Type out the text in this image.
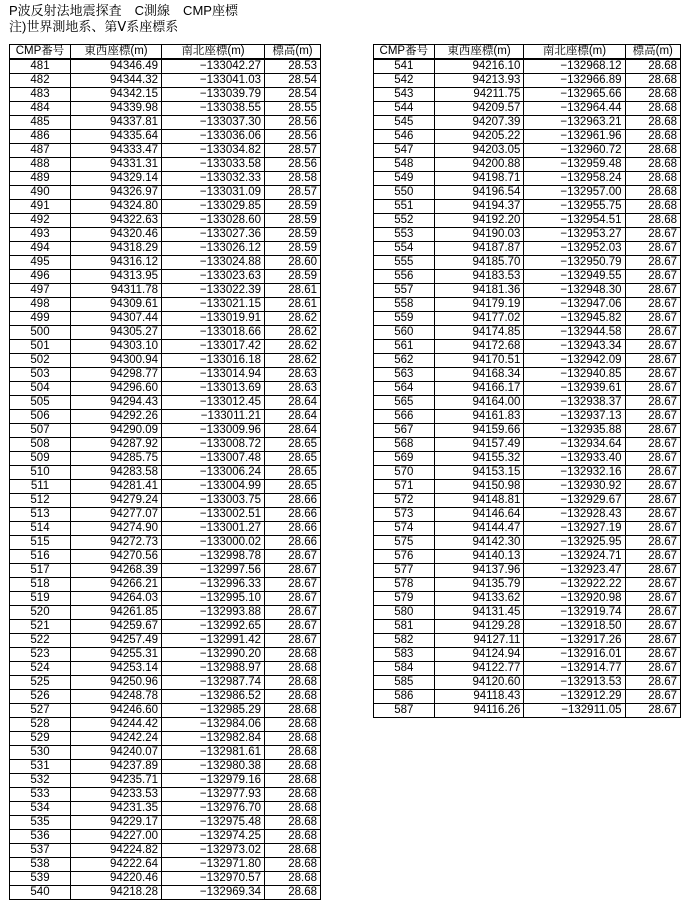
P波反射法地震探査　C測線　CMP座標
注)世界測地系、第Ⅴ系座標系
CMP番号	東西座標(m)	南北座標(m)	標高(m)
481	94346.49	−133042.27	28.53
482	94344.32	−133041.03	28.54
483	94342.15	−133039.79	28.54
484	94339.98	−133038.55	28.55
485	94337.81	−133037.30	28.56
486	94335.64	−133036.06	28.56
487	94333.47	−133034.82	28.57
488	94331.31	−133033.58	28.56
489	94329.14	−133032.33	28.58
490	94326.97	−133031.09	28.57
491	94324.80	−133029.85	28.59
492	94322.63	−133028.60	28.59
493	94320.46	−133027.36	28.59
494	94318.29	−133026.12	28.59
495	94316.12	−133024.88	28.60
496	94313.95	−133023.63	28.59
497	94311.78	−133022.39	28.61
498	94309.61	−133021.15	28.61
499	94307.44	−133019.91	28.62
500	94305.27	−133018.66	28.62
501	94303.10	−133017.42	28.62
502	94300.94	−133016.18	28.62
503	94298.77	−133014.94	28.63
504	94296.60	−133013.69	28.63
505	94294.43	−133012.45	28.64
506	94292.26	−133011.21	28.64
507	94290.09	−133009.96	28.64
508	94287.92	−133008.72	28.65
509	94285.75	−133007.48	28.65
510	94283.58	−133006.24	28.65
511	94281.41	−133004.99	28.65
512	94279.24	−133003.75	28.66
513	94277.07	−133002.51	28.66
514	94274.90	−133001.27	28.66
515	94272.73	−133000.02	28.66
516	94270.56	−132998.78	28.67
517	94268.39	−132997.56	28.67
518	94266.21	−132996.33	28.67
519	94264.03	−132995.10	28.67
520	94261.85	−132993.88	28.67
521	94259.67	−132992.65	28.67
522	94257.49	−132991.42	28.67
523	94255.31	−132990.20	28.68
524	94253.14	−132988.97	28.68
525	94250.96	−132987.74	28.68
526	94248.78	−132986.52	28.68
527	94246.60	−132985.29	28.68
528	94244.42	−132984.06	28.68
529	94242.24	−132982.84	28.68
530	94240.07	−132981.61	28.68
531	94237.89	−132980.38	28.68
532	94235.71	−132979.16	28.68
533	94233.53	−132977.93	28.68
534	94231.35	−132976.70	28.68
535	94229.17	−132975.48	28.68
536	94227.00	−132974.25	28.68
537	94224.82	−132973.02	28.68
538	94222.64	−132971.80	28.68
539	94220.46	−132970.57	28.68
540	94218.28	−132969.34	28.68
CMP番号	東西座標(m)	南北座標(m)	標高(m)
541	94216.10	−132968.12	28.68
542	94213.93	−132966.89	28.68
543	94211.75	−132965.66	28.68
544	94209.57	−132964.44	28.68
545	94207.39	−132963.21	28.68
546	94205.22	−132961.96	28.68
547	94203.05	−132960.72	28.68
548	94200.88	−132959.48	28.68
549	94198.71	−132958.24	28.68
550	94196.54	−132957.00	28.68
551	94194.37	−132955.75	28.68
552	94192.20	−132954.51	28.68
553	94190.03	−132953.27	28.67
554	94187.87	−132952.03	28.67
555	94185.70	−132950.79	28.67
556	94183.53	−132949.55	28.67
557	94181.36	−132948.30	28.67
558	94179.19	−132947.06	28.67
559	94177.02	−132945.82	28.67
560	94174.85	−132944.58	28.67
561	94172.68	−132943.34	28.67
562	94170.51	−132942.09	28.67
563	94168.34	−132940.85	28.67
564	94166.17	−132939.61	28.67
565	94164.00	−132938.37	28.67
566	94161.83	−132937.13	28.67
567	94159.66	−132935.88	28.67
568	94157.49	−132934.64	28.67
569	94155.32	−132933.40	28.67
570	94153.15	−132932.16	28.67
571	94150.98	−132930.92	28.67
572	94148.81	−132929.67	28.67
573	94146.64	−132928.43	28.67
574	94144.47	−132927.19	28.67
575	94142.30	−132925.95	28.67
576	94140.13	−132924.71	28.67
577	94137.96	−132923.47	28.67
578	94135.79	−132922.22	28.67
579	94133.62	−132920.98	28.67
580	94131.45	−132919.74	28.67
581	94129.28	−132918.50	28.67
582	94127.11	−132917.26	28.67
583	94124.94	−132916.01	28.67
584	94122.77	−132914.77	28.67
585	94120.60	−132913.53	28.67
586	94118.43	−132912.29	28.67
587	94116.26	−132911.05	28.67
